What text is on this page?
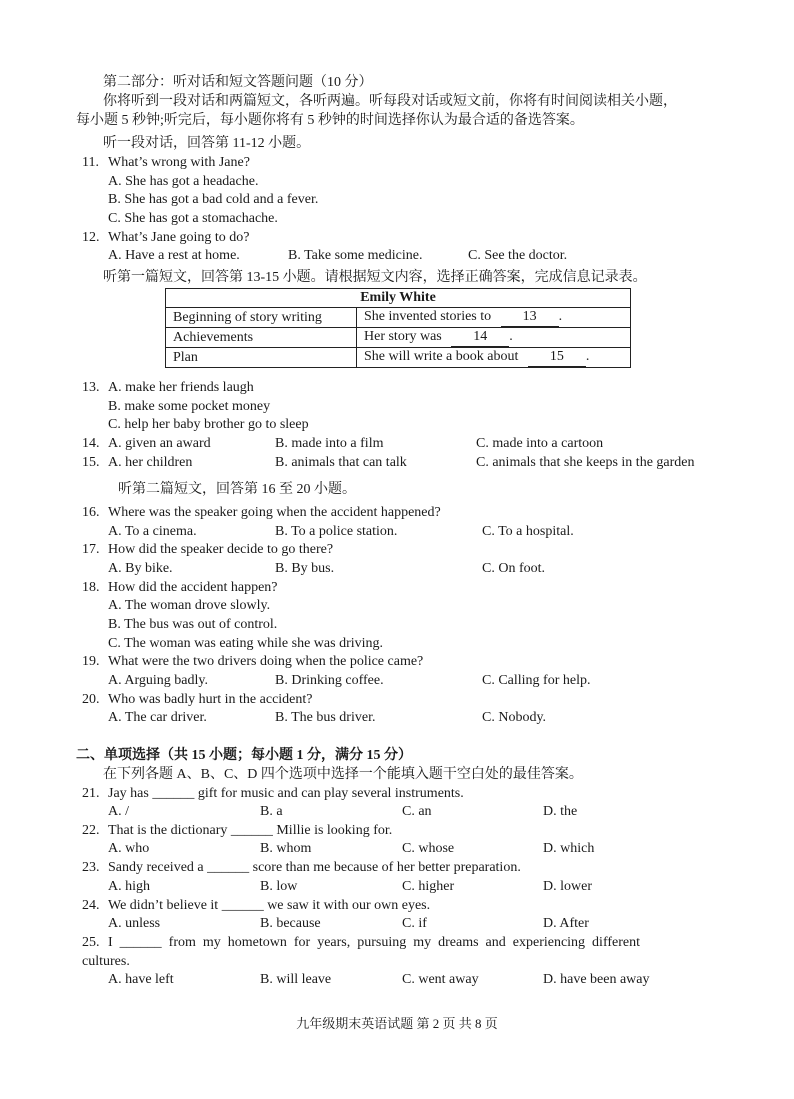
第二部分：听对话和短文答题问题（10 分）
你将听到一段对话和两篇短文，各听两遍。听每段对话或短文前，你将有时间阅读相关小题，
每小题 5 秒钟;听完后，每小题你将有 5 秒钟的时间选择你认为最合适的备选答案。
听一段对话，回答第 11-12 小题。
11. What’s wrong with Jane?
A. She has got a headache.
B. She has got a bad cold and a fever.
C. She has got a stomachache.
12. What’s Jane going to do?
A. Have a rest at home.	B. Take some medicine.	C. See the doctor.
听第一篇短文，回答第 13-15 小题。请根据短文内容，选择正确答案，完成信息记录表。
Emily White	
Beginning of story writing	She invented stories to 13 .
Achievements	Her story was 14 .
Plan	She will write a book about 15 .
13. A. make her friends laugh
B. make some pocket money
C. help her baby brother go to sleep
14. A. given an award	B. made into a film	C. made into a cartoon
15. A. her children	B. animals that can talk	C. animals that she keeps in the garden
听第二篇短文，回答第 16 至 20 小题。
16. Where was the speaker going when the accident happened?
A. To a cinema.	B. To a police station.	C. To a hospital.
17. How did the speaker decide to go there?
A. By bike.	B. By bus.	C. On foot.
18. How did the accident happen?
A. The woman drove slowly.
B. The bus was out of control.
C. The woman was eating while she was driving.
19. What were the two drivers doing when the police came?
A. Arguing badly.	B. Drinking coffee.	C. Calling for help.
20. Who was badly hurt in the accident?
A. The car driver.	B. The bus driver.	C. Nobody.
二、单项选择（共 15 小题；每小题 1 分，满分 15 分）
在下列各题 A、B、C、D 四个选项中选择一个能填入题干空白处的最佳答案。
21. Jay has ______ gift for music and can play several instruments.
A. /	B. a	C. an	D. the
22. That is the dictionary ______ Millie is looking for.
A. who	B. whom	C. whose	D. which
23. Sandy received a ______ score than me because of her better preparation.
A. high	B. low	C. higher	D. lower
24. We didn’t believe it ______ we saw it with our own eyes.
A. unless	B. because	C. if	D. After
25. I  ______  from  my  hometown  for  years,  pursuing  my  dreams  and  experiencing  different
cultures.
A. have left	B. will leave	C. went away	D. have been away
九年级期末英语试题 第 2 页 共 8 页
